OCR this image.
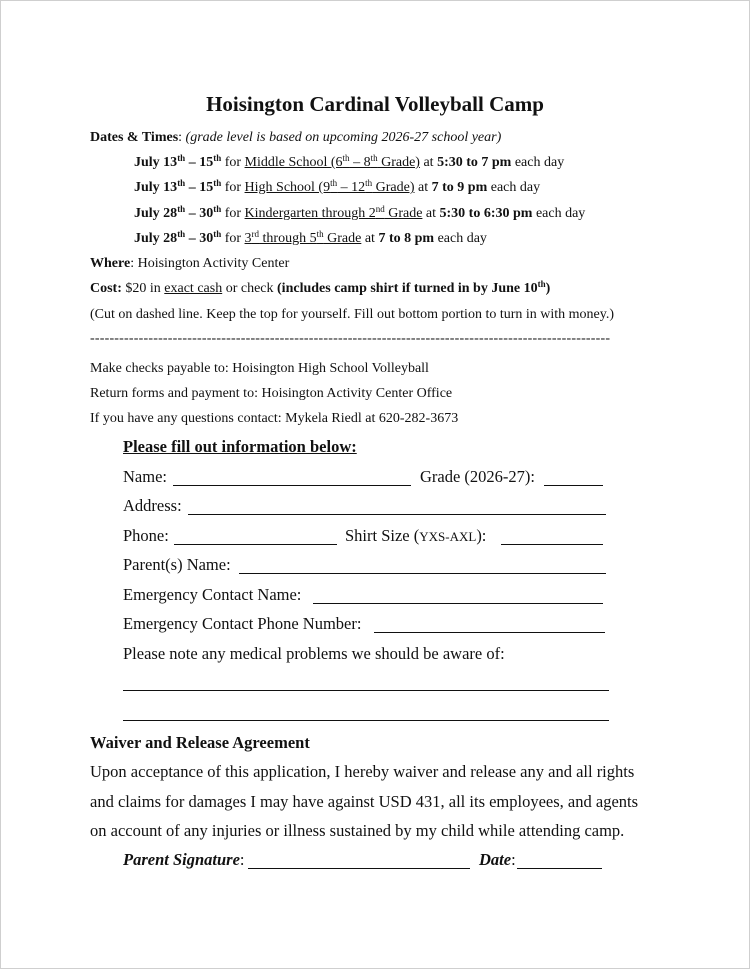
Hoisington Cardinal Volleyball Camp
Dates & Times: (grade level is based on upcoming 2026-27 school year)
July 13th – 15th for Middle School (6th – 8th Grade) at 5:30 to 7 pm each day
July 13th – 15th for High School (9th – 12th Grade) at 7 to 9 pm each day
July 28th – 30th for Kindergarten through 2nd Grade at 5:30 to 6:30 pm each day
July 28th – 30th for 3rd through 5th Grade at 7 to 8 pm each day
Where: Hoisington Activity Center
Cost: $20 in exact cash or check (includes camp shirt if turned in by June 10th)
(Cut on dashed line. Keep the top for yourself. Fill out bottom portion to turn in with money.)
-----------------------------------------------------------------------------------------------------------
Make checks payable to: Hoisington High School Volleyball
Return forms and payment to: Hoisington Activity Center Office
If you have any questions contact: Mykela Riedl at 620-282-3673
Please fill out information below:
Name:	Grade (2026-27):
Address:
Phone:	Shirt Size (YXS-AXL):
Parent(s) Name:
Emergency Contact Name:
Emergency Contact Phone Number:
Please note any medical problems we should be aware of:
Waiver and Release Agreement
Upon acceptance of this application, I hereby waiver and release any and all rights
and claims for damages I may have against USD 431, all its employees, and agents
on account of any injuries or illness sustained by my child while attending camp.
Parent Signature:	Date:
